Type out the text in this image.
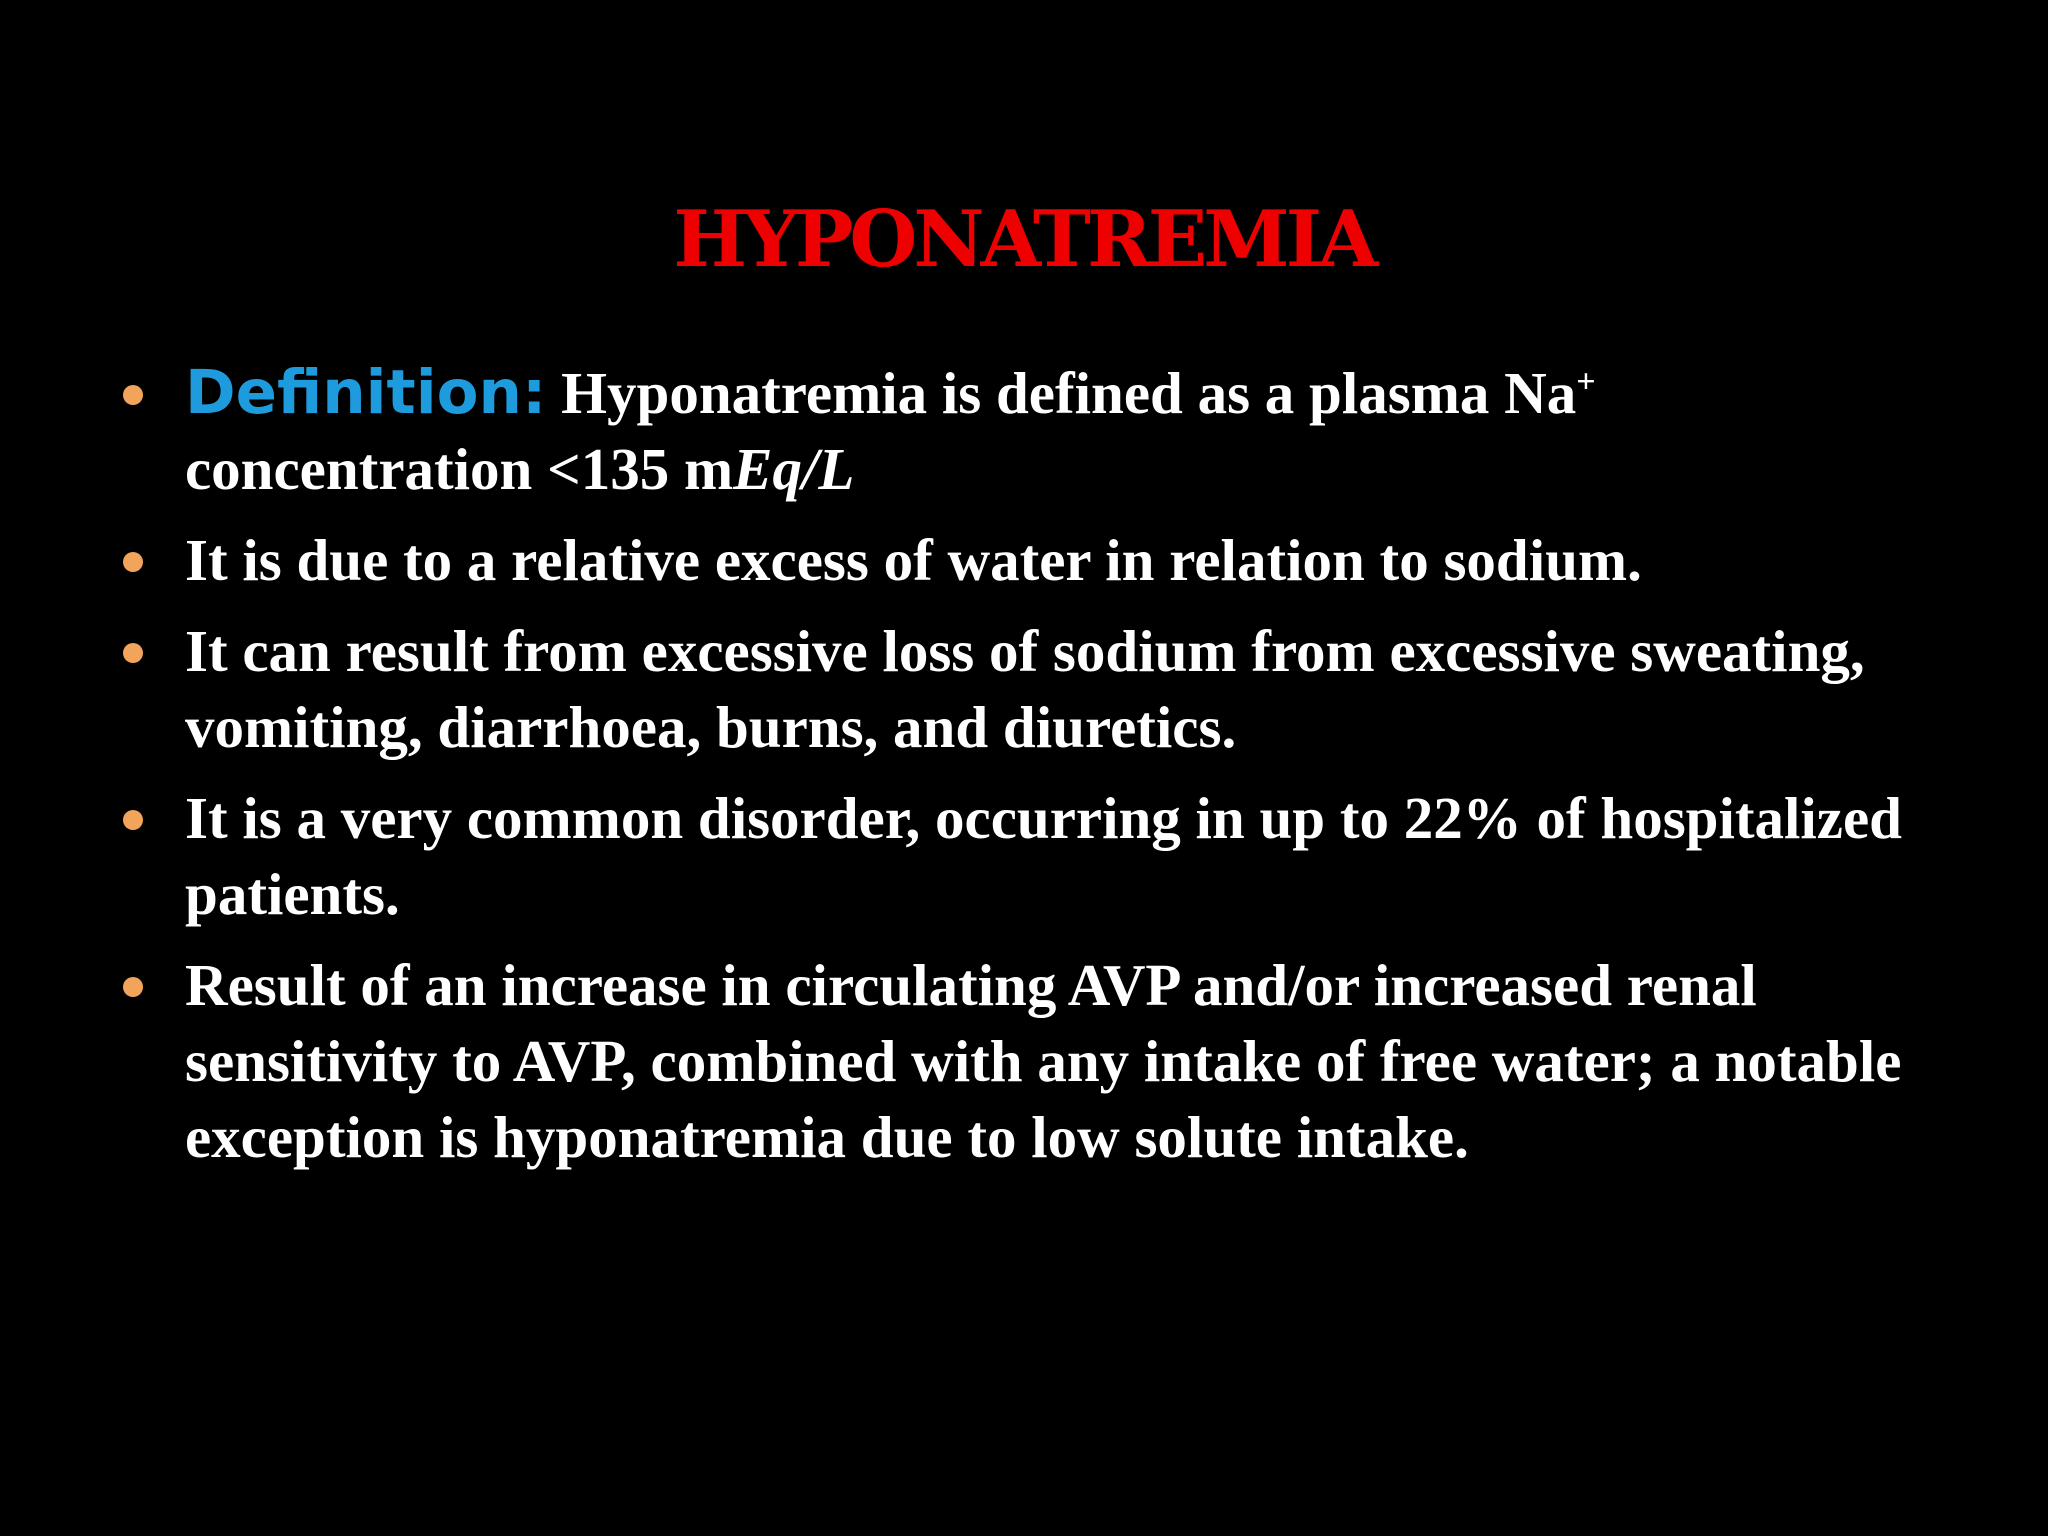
HYPONATREMIA
Definition: Hyponatremia is defined as a plasma Na+
concentration <135 mEq/L
It is due to a relative excess of water in relation to sodium.
It can result from excessive loss of sodium from excessive sweating, vomiting, diarrhoea, burns, and diuretics.
It is a very common disorder, occurring in up to 22% of hospitalized patients.
Result of an increase in circulating AVP and/or increased renal sensitivity to AVP, combined with any intake of free water; a notable exception is hyponatremia due to low solute intake.
